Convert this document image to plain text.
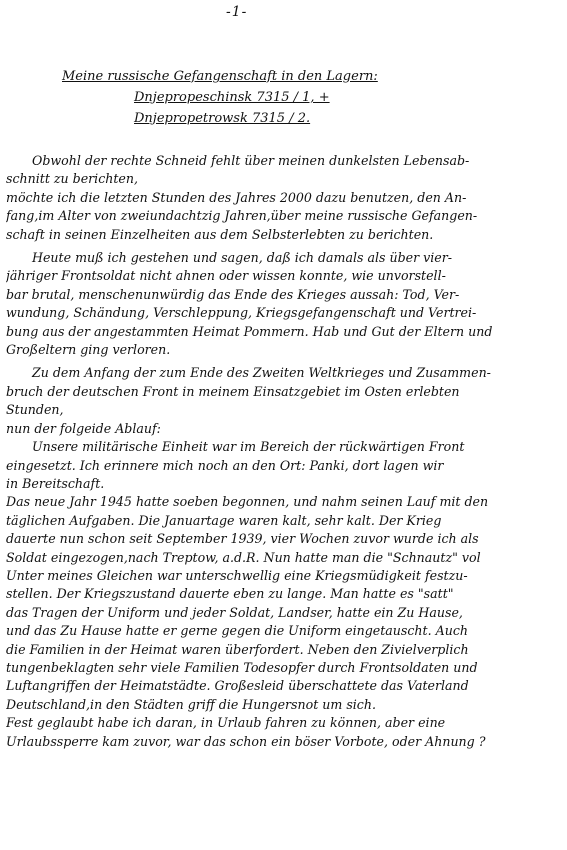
-1-
Meine russische Gefangenschaft in den Lagern:
Dnjepropeschinsk 7315 / 1, +
Dnjepropetrowsk 7315 / 2.
Obwohl der rechte Schneid fehlt über meinen dunkelsten Lebensab-
schnitt zu berichten,
möchte ich die letzten Stunden des Jahres 2000 dazu benutzen, den An-
fang,im Alter von zweiundachtzig Jahren,über meine russische Gefangen-
schaft in seinen Einzelheiten aus dem Selbsterlebten zu berichten.
Heute muß ich gestehen und sagen, daß ich damals als über vier-
jähriger Frontsoldat nicht ahnen oder wissen konnte, wie unvorstell-
bar brutal, menschenunwürdig das Ende des Krieges aussah: Tod, Ver-
wundung, Schändung, Verschleppung, Kriegsgefangenschaft und Vertrei-
bung aus der angestammten Heimat Pommern. Hab und Gut der Eltern und
Großeltern ging verloren.
Zu dem Anfang der zum Ende des Zweiten Weltkrieges und Zusammen-
bruch der deutschen Front in meinem Einsatzgebiet im Osten erlebten
Stunden,
nun der folgeide Ablauf:
Unsere militärische Einheit war im Bereich der rückwärtigen Front
eingesetzt. Ich erinnere mich noch an den Ort: Panki, dort lagen wir
in Bereitschaft.
Das neue Jahr 1945 hatte soeben begonnen, und nahm seinen Lauf mit den
täglichen Aufgaben. Die Januartage waren kalt, sehr kalt. Der Krieg
dauerte nun schon seit September 1939, vier Wochen zuvor wurde ich als
Soldat eingezogen,nach Treptow, a.d.R. Nun hatte man die "Schnautz" vol
Unter meines Gleichen war unterschwellig eine Kriegsmüdigkeit festzu-
stellen. Der Kriegszustand dauerte eben zu lange. Man hatte es "satt"
das Tragen der Uniform und jeder Soldat, Landser, hatte ein Zu Hause,
und das Zu Hause hatte er gerne gegen die Uniform eingetauscht. Auch
die Familien in der Heimat waren überfordert. Neben den Zivielverplich
tungenbeklagten sehr viele Familien Todesopfer durch Frontsoldaten und
Luftangriffen der Heimatstädte. Großesleid überschattete das Vaterland
Deutschland,in den Städten griff die Hungersnot um sich.
Fest geglaubt habe ich daran, in Urlaub fahren zu können, aber eine
Urlaubssperre kam zuvor, war das schon ein böser Vorbote, oder Ahnung ?
